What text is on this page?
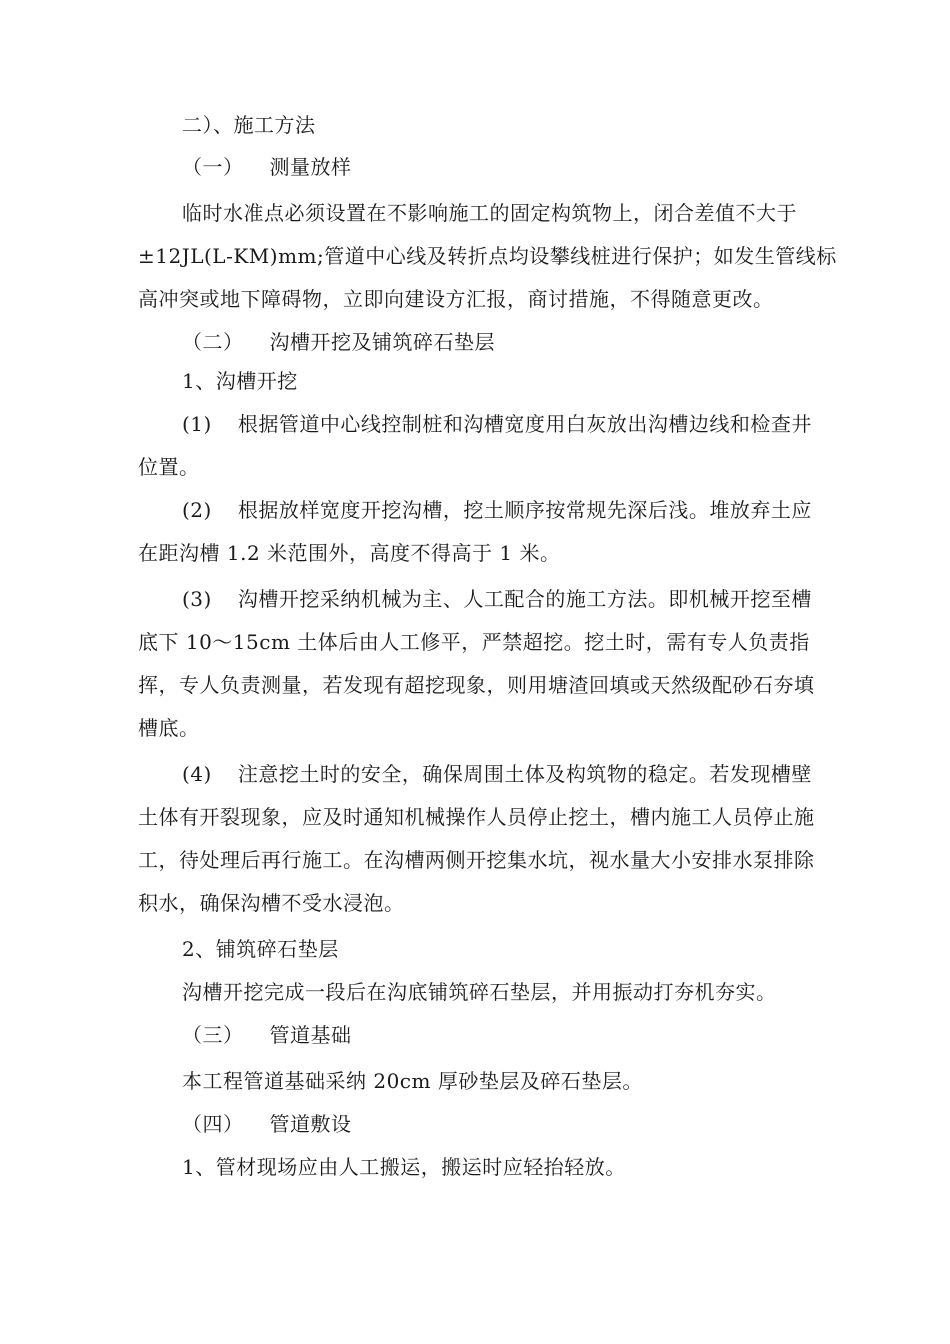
二）、施工方法
（一） 测量放样
临时水准点必须设置在不影响施工的固定构筑物上，闭合差值不大于
±12JL(L-KM)mm;管道中心线及转折点均设攀线桩进行保护；如发生管线标
高冲突或地下障碍物，立即向建设方汇报，商讨措施，不得随意更改。
（二） 沟槽开挖及铺筑碎石垫层
1、沟槽开挖
(1) 根据管道中心线控制桩和沟槽宽度用白灰放出沟槽边线和检查井
位置。
(2) 根据放样宽度开挖沟槽，挖土顺序按常规先深后浅。堆放弃土应
在距沟槽 1.2 米范围外，高度不得高于 1 米。
(3) 沟槽开挖采纳机械为主、人工配合的施工方法。即机械开挖至槽
底下 10〜15cm 土体后由人工修平，严禁超挖。挖土时，需有专人负责指
挥，专人负责测量，若发现有超挖现象，则用塘渣回填或天然级配砂石夯填
槽底。
(4) 注意挖土时的安全，确保周围土体及构筑物的稳定。若发现槽壁
土体有开裂现象，应及时通知机械操作人员停止挖土，槽内施工人员停止施
工，待处理后再行施工。在沟槽两侧开挖集水坑，视水量大小安排水泵排除
积水，确保沟槽不受水浸泡。
2、铺筑碎石垫层
沟槽开挖完成一段后在沟底铺筑碎石垫层，并用振动打夯机夯实。
（三） 管道基础
本工程管道基础采纳 20cm 厚砂垫层及碎石垫层。
（四） 管道敷设
1、管材现场应由人工搬运，搬运时应轻抬轻放。
